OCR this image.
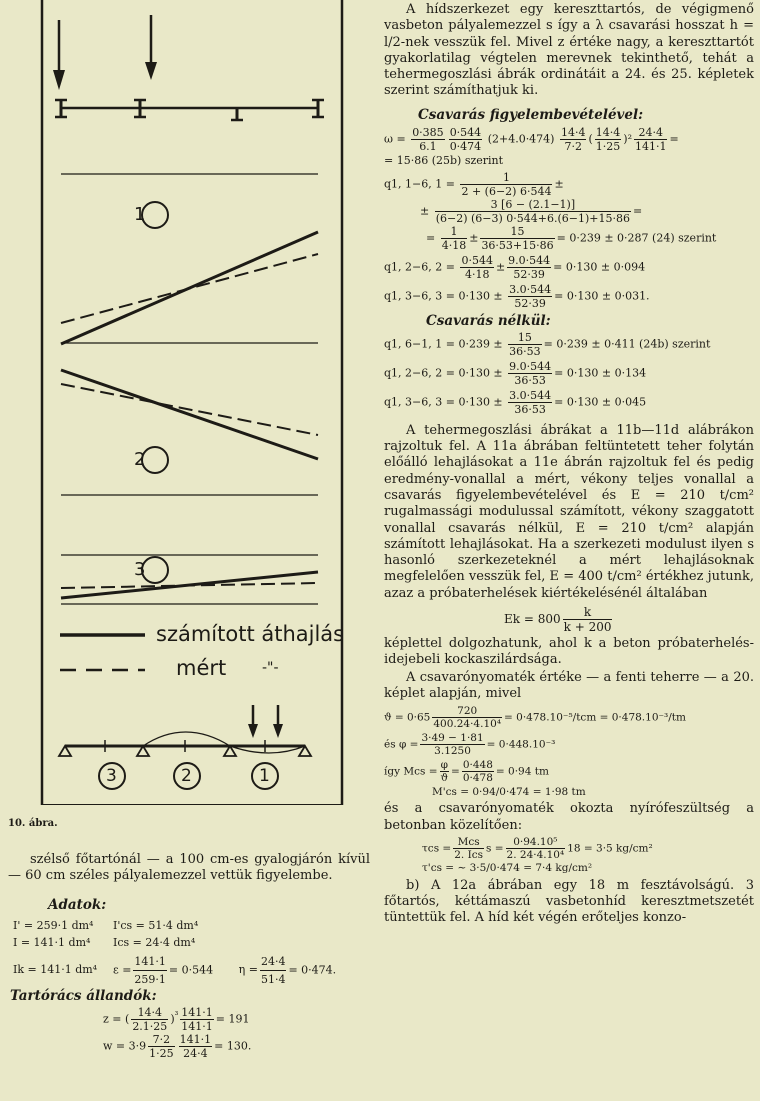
1
2
3
számított áthajlás
mért	-"-
3	2	1
10. ábra.

szélső főtartónál — a 100 cm-es gyalogjárón kívül — 60 cm széles pályalemezzel vettük figyelembe.

Adatok:
I' = 259·1 dm⁴ I'cs = 51·4 dm⁴
I = 141·1 dm⁴ Ics = 24·4 dm⁴
Ik = 141·1 dm⁴ $\varepsilon = \frac{141\cdot 1}{259\cdot 1} = 0\cdot 544$ $\eta = \frac{24\cdot 4}{51\cdot 4} = 0\cdot 474$.
Tartórács állandók:
z = ( $\frac{14\cdot 4}{2.1\cdot 25} )^{^3} \frac{141\cdot 1}{141\cdot 1} = 191$
$w = 3\cdot 9 \frac{7\cdot 2}{1\cdot 25} \frac{141\cdot 1}{24\cdot 4} = 130$.

A hídszerkezet egy kereszttartós, de végigmenő vasbeton pályalemezzel s így a λ csavarási hosszat h = l/2-nek vesszük fel. Mivel z értéke nagy, a kereszttartót gyakorlatilag végtelen merevnek tekinthető, tehát a tehermegoszlási ábrák ordinátáit a 24. és 25. képletek szerint számíthatjuk ki.

Csavarás figyelembevételével:
$\omega = \frac{0\cdot 385}{6.1} \frac{0\cdot 544}{0\cdot 474} (2+4.0\cdot 474) \frac{14\cdot 4}{7\cdot 2}$ ( $\frac{14\cdot 4}{1\cdot 25} )^2 \frac{24\cdot 4}{141\cdot 1}$ =
= 15·86 (25b) szerint
q1, 1−6, $1 = \frac{1}{2 + (6-2) 6\cdot 544}$ ±
± $\frac{3 [6 - (2.1-1)]}{(6-2) (6-3) 0\cdot 544+6.(6-1)+15\cdot 86}$ =
= $\frac{1}{4\cdot 18} \pm \frac{15}{36\cdot 53+15\cdot 86} = 0\cdot 239 \pm 0\cdot 287$ (24) szerint
q1, 2−6, $2 = \frac{0\cdot 544}{4\cdot 18} \pm \frac{9.0\cdot 544}{52\cdot 39} = 0\cdot 130 \pm 0\cdot 094$
q1, 3−6, $3 = 0\cdot 130 \pm \frac{3.0\cdot 544}{52\cdot 39} = 0\cdot 130 \pm 0\cdot 031$.
Csavarás nélkül:
q1, 6−1, $1 = 0\cdot 239 \pm \frac{15}{36\cdot 53} = 0\cdot 239 \pm 0\cdot 411$ (24b) szerint
q1, 2−6, $2 = 0\cdot 130 \pm \frac{9.0\cdot 544}{36\cdot 53} = 0\cdot 130 \pm 0\cdot 134$
q1, 3−6, $3 = 0\cdot 130 \pm \frac{3.0\cdot 544}{36\cdot 53} = 0\cdot 130 \pm 0\cdot 045$

A tehermegoszlási ábrákat a 11b—11d alábrákon rajzoltuk fel. A 11a ábrában feltüntetett teher folytán előálló lehajlásokat a 11e ábrán rajzoltuk fel és pedig eredmény-vonallal a mért, vékony teljes vonallal a csavarás figyelembevételével és E = 210 t/cm² rugalmassági modulussal számított, vékony szaggatott vonallal csavarás nélkül, E = 210 t/cm² alapján számított lehajlásokat. Ha a szerkezeti modulust ilyen s hasonló szerkezeteknél a mért lehajlásoknak megfelelően vesszük fel, E = 400 t/cm² értékhez jutunk, azaz a próbaterhelések kiértékelésénél általában

$Ek = 800 \frac{k}{k + 200}$

képlettel dolgozhatunk, ahol k a beton próbaterhelés-idejebeli kockaszilárdsága.

A csavarónyomaték értéke — a fenti teherre — a 20. képlet alapján, mivel

$ϑ = 0\cdot 65 \frac{720}{\text{400.24·4.10⁴}} = 0\cdot 478.10^{-5}/tcm = 0\cdot 478.10^{-3}/tm$
és $\varphi = \frac{3\cdot 49 - 1\cdot 81}{3.1250} = 0\cdot 448.10^{-3}$
így Mcs = $\frac{\varphi}{ϑ} = \frac{0\cdot 448}{0\cdot 478} = 0\cdot 94$ tm
M'cs = 0·94/0·474 = 1·98 tm

és a csavarónyomaték okozta nyírófeszültség a betonban közelítően:

τcs =
Mcs
2. Ics
$s = \frac{\text{0·94.10⁵}}{\text{2. 24·4.10⁴}} 18 = 3\cdot 5$ kg/cm²
τ'cs = ∼ 3·5/0·474 = 7·4 kg/cm²

b) A 12a ábrában egy 18 m fesztávolságú. 3 főtartós, kéttámaszú vasbetonhíd keresztmetszetét tüntettük fel. A híd két végén erőteljes konzo-
